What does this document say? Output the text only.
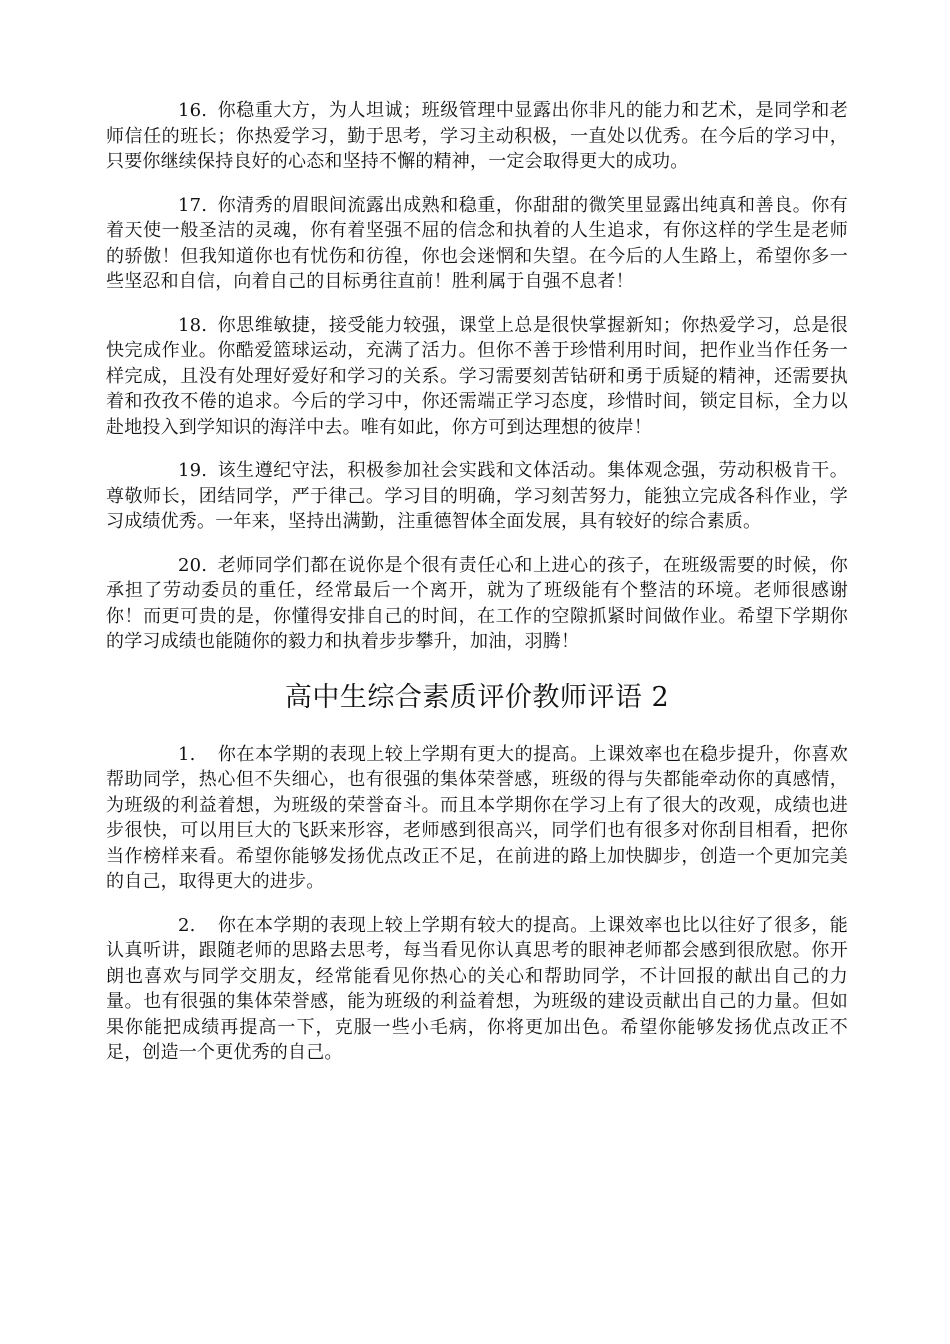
16. 你稳重大方，为人坦诚；班级管理中显露出你非凡的能力和艺术，是同学和老师信任的班长；你热爱学习，勤于思考，学习主动积极，一直处以优秀。在今后的学习中，只要你继续保持良好的心态和坚持不懈的精神，一定会取得更大的成功。

17. 你清秀的眉眼间流露出成熟和稳重，你甜甜的微笑里显露出纯真和善良。你有着天使一般圣洁的灵魂，你有着坚强不屈的信念和执着的人生追求，有你这样的学生是老师的骄傲！但我知道你也有忧伤和彷徨，你也会迷惘和失望。在今后的人生路上，希望你多一些坚忍和自信，向着自己的目标勇往直前！胜利属于自强不息者！

18. 你思维敏捷，接受能力较强，课堂上总是很快掌握新知；你热爱学习，总是很快完成作业。你酷爱篮球运动，充满了活力。但你不善于珍惜利用时间，把作业当作任务一样完成，且没有处理好爱好和学习的关系。学习需要刻苦钻研和勇于质疑的精神，还需要执着和孜孜不倦的追求。今后的学习中，你还需端正学习态度，珍惜时间，锁定目标，全力以赴地投入到学知识的海洋中去。唯有如此，你方可到达理想的彼岸！

19. 该生遵纪守法，积极参加社会实践和文体活动。集体观念强，劳动积极肯干。尊敬师长，团结同学，严于律己。学习目的明确，学习刻苦努力，能独立完成各科作业，学习成绩优秀。一年来，坚持出满勤，注重德智体全面发展，具有较好的综合素质。

20. 老师同学们都在说你是个很有责任心和上进心的孩子，在班级需要的时候，你承担了劳动委员的重任，经常最后一个离开，就为了班级能有个整洁的环境。老师很感谢你！而更可贵的是，你懂得安排自己的时间，在工作的空隙抓紧时间做作业。希望下学期你的学习成绩也能随你的毅力和执着步步攀升，加油，羽腾！

高中生综合素质评价教师评语 2

1. 你在本学期的表现上较上学期有更大的提高。上课效率也在稳步提升，你喜欢帮助同学，热心但不失细心，也有很强的集体荣誉感，班级的得与失都能牵动你的真感情，为班级的利益着想，为班级的荣誉奋斗。而且本学期你在学习上有了很大的改观，成绩也进步很快，可以用巨大的飞跃来形容，老师感到很高兴，同学们也有很多对你刮目相看，把你当作榜样来看。希望你能够发扬优点改正不足，在前进的路上加快脚步，创造一个更加完美的自己，取得更大的进步。

2. 你在本学期的表现上较上学期有较大的提高。上课效率也比以往好了很多，能认真听讲，跟随老师的思路去思考，每当看见你认真思考的眼神老师都会感到很欣慰。你开朗也喜欢与同学交朋友，经常能看见你热心的关心和帮助同学，不计回报的献出自己的力量。也有很强的集体荣誉感，能为班级的利益着想，为班级的建设贡献出自己的力量。但如果你能把成绩再提高一下，克服一些小毛病，你将更加出色。希望你能够发扬优点改正不足，创造一个更优秀的自己。
